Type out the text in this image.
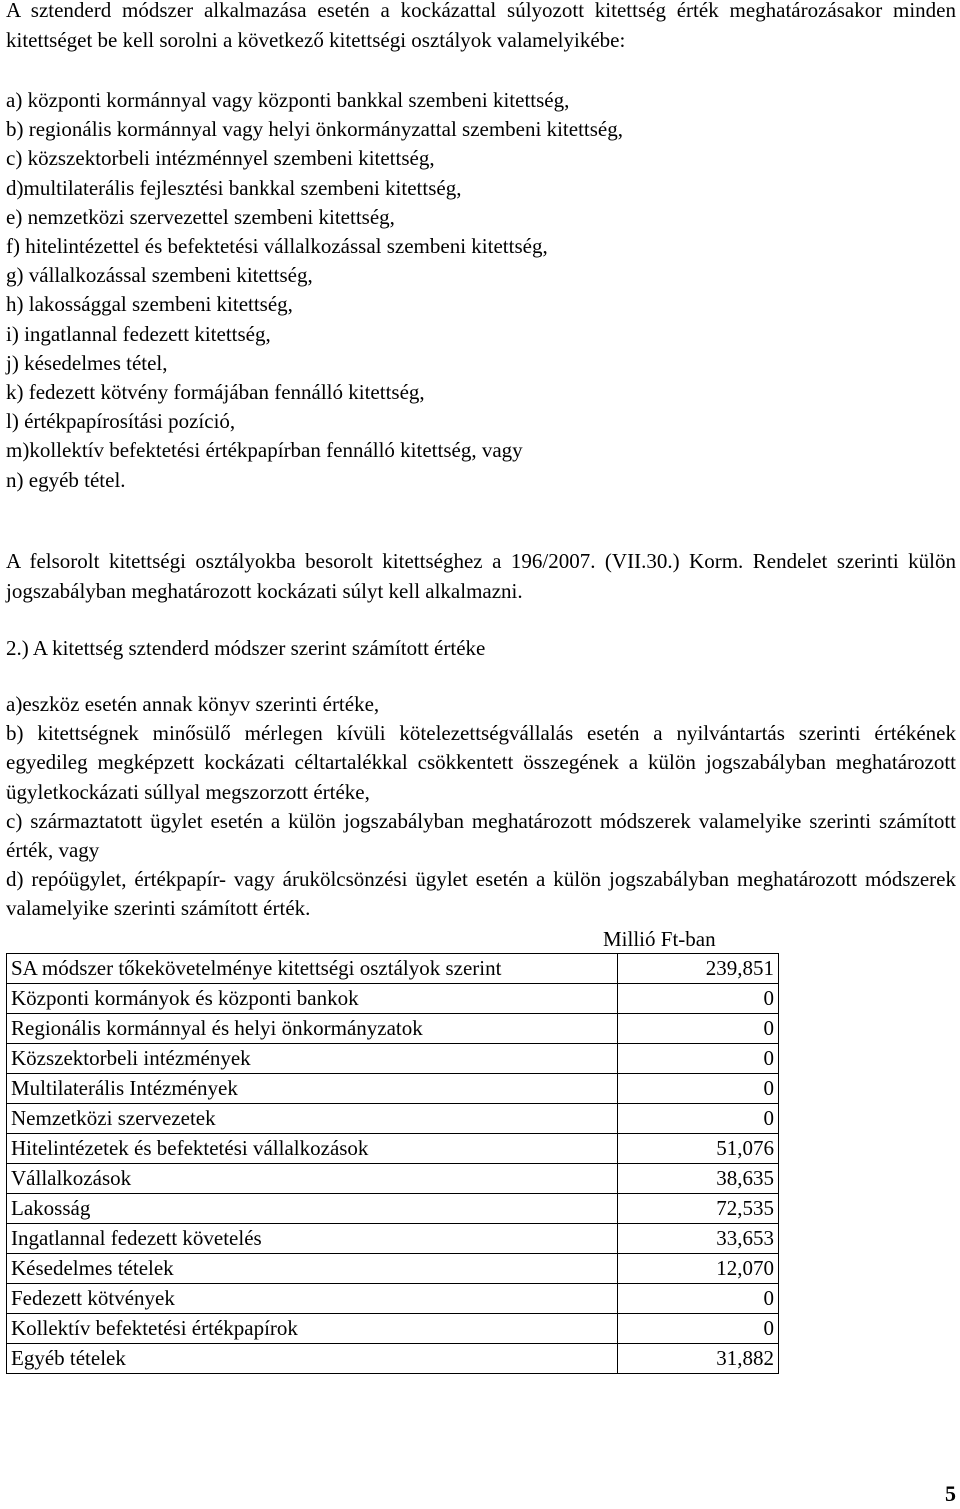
A sztenderd módszer alkalmazása esetén a kockázattal súlyozott kitettség érték meghatározásakor minden kitettséget be kell sorolni a következő kitettségi osztályok valamelyikébe:

a) központi kormánnyal vagy központi bankkal szembeni kitettség,

b) regionális kormánnyal vagy helyi önkormányzattal szembeni kitettség,

c) közszektorbeli intézménnyel szembeni kitettség,

d)multilaterális fejlesztési bankkal szembeni kitettség,

e) nemzetközi szervezettel szembeni kitettség,

f) hitelintézettel és befektetési vállalkozással szembeni kitettség,

g) vállalkozással szembeni kitettség,

h) lakossággal szembeni kitettség,

i) ingatlannal fedezett kitettség,

j) késedelmes tétel,

k) fedezett kötvény formájában fennálló kitettség,

l) értékpapírosítási pozíció,

m)kollektív befektetési értékpapírban fennálló kitettség, vagy

n) egyéb tétel.

A felsorolt kitettségi osztályokba besorolt kitettséghez a 196/2007. (VII.30.) Korm. Rendelet szerinti külön jogszabályban meghatározott kockázati súlyt kell alkalmazni.

2.) A kitettség sztenderd módszer szerint számított értéke

a)eszköz esetén annak könyv szerinti értéke,

b) kitettségnek minősülő mérlegen kívüli kötelezettségvállalás esetén a nyilvántartás szerinti értékének egyedileg megképzett kockázati céltartalékkal csökkentett összegének a külön jogszabályban meghatározott ügyletkockázati súllyal megszorzott értéke,

c) származtatott ügylet esetén a külön jogszabályban meghatározott módszerek valamelyike szerinti számított érték, vagy

d) repóügylet, értékpapír- vagy árukölcsönzési ügylet esetén a külön jogszabályban meghatározott módszerek valamelyike szerinti számított érték.

Millió Ft-ban

SA módszer tőkekövetelménye kitettségi osztályok szerint	239,851
Központi kormányok és központi bankok	0
Regionális kormánnyal és helyi önkormányzatok	0
Közszektorbeli intézmények	0
Multilaterális Intézmények	0
Nemzetközi szervezetek	0
Hitelintézetek és befektetési vállalkozások	51,076
Vállalkozások	38,635
Lakosság	72,535
Ingatlannal fedezett követelés	33,653
Késedelmes tételek	12,070
Fedezett kötvények	0
Kollektív befektetési értékpapírok	0
Egyéb tételek	31,882
5
